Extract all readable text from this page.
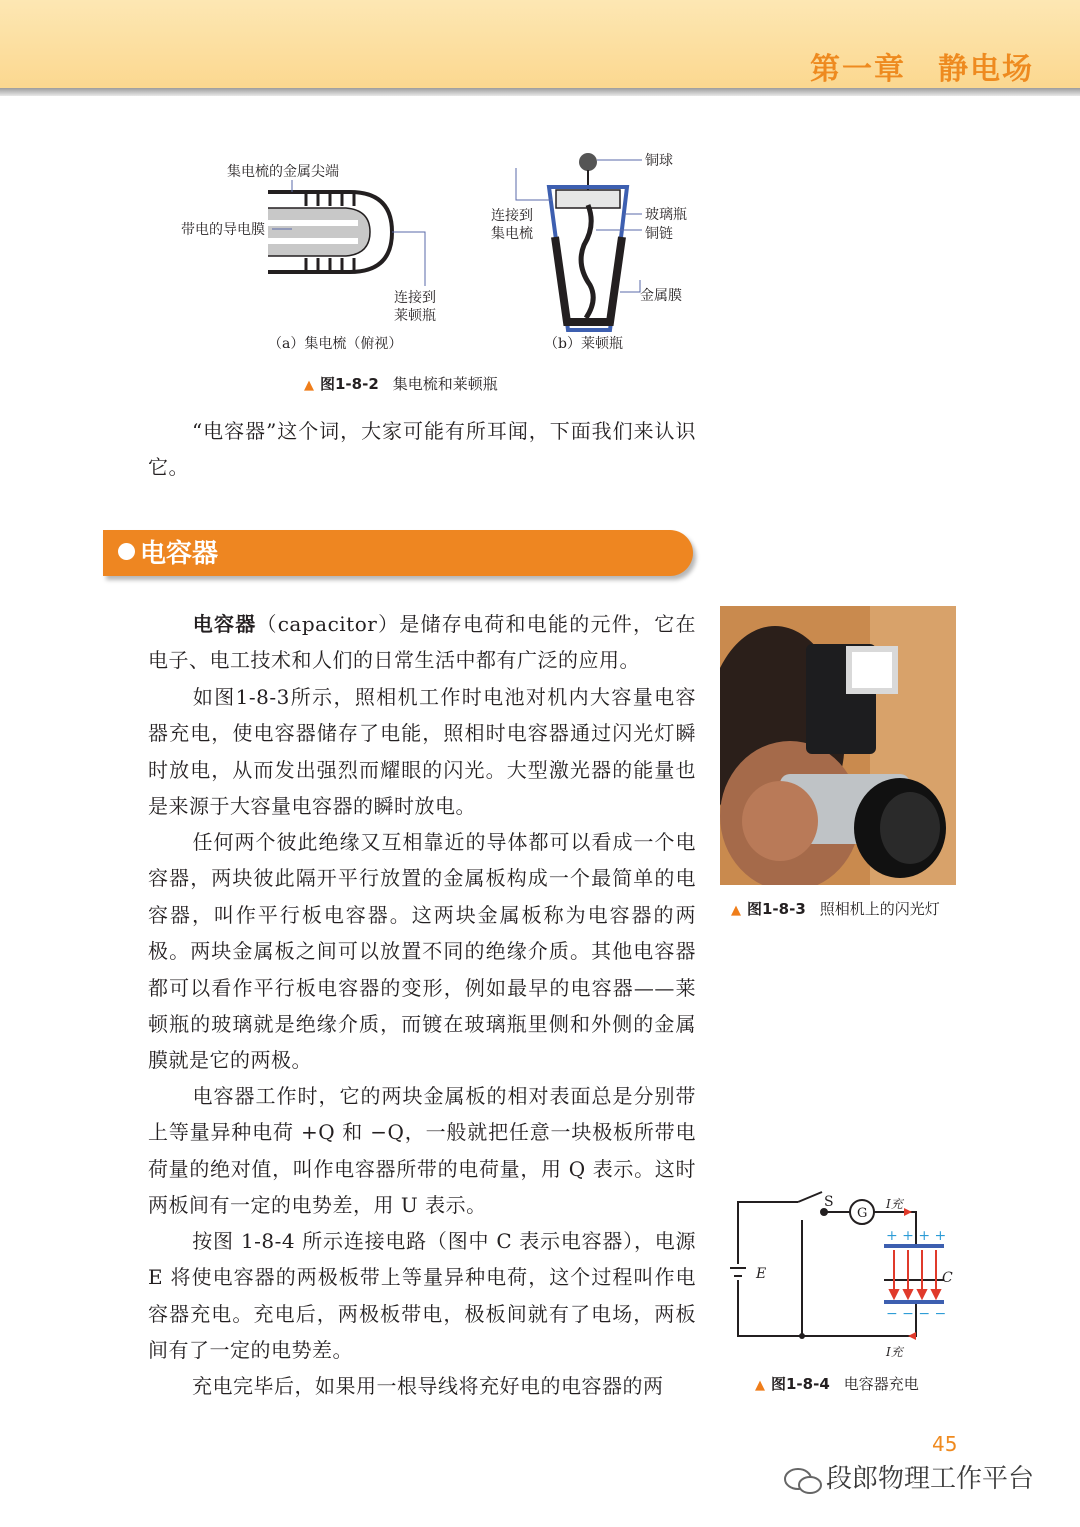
第一章　静电场
集电梳的金属尖端
带电的导电膜
连接到
莱顿瓶
（a）集电梳（俯视）
铜球
连接到
集电梳
玻璃瓶
铜链
金属膜
（b）莱顿瓶
▲ 图1-8-2 集电梳和莱顿瓶
“电容器”这个词，大家可能有所耳闻，下面我们来认识它。
电容器
电容器（capacitor）是储存电荷和电能的元件，它在电子、电工技术和人们的日常生活中都有广泛的应用。
如图1-8-3所示，照相机工作时电池对机内大容量电容器充电，使电容器储存了电能，照相时电容器通过闪光灯瞬时放电，从而发出强烈而耀眼的闪光。大型激光器的能量也是来源于大容量电容器的瞬时放电。
任何两个彼此绝缘又互相靠近的导体都可以看成一个电容器，两块彼此隔开平行放置的金属板构成一个最简单的电容器，叫作平行板电容器。这两块金属板称为电容器的两极。两块金属板之间可以放置不同的绝缘介质。其他电容器都可以看作平行板电容器的变形，例如最早的电容器——莱顿瓶的玻璃就是绝缘介质，而镀在玻璃瓶里侧和外侧的金属膜就是它的两极。
电容器工作时，它的两块金属板的相对表面总是分别带上等量异种电荷 +Q 和 −Q，一般就把任意一块极板所带电荷量的绝对值，叫作电容器所带的电荷量，用 Q 表示。这时两板间有一定的电势差，用 U 表示。
按图 1-8-4 所示连接电路（图中 C 表示电容器），电源 E 将使电容器的两极板带上等量异种电荷，这个过程叫作电容器充电。充电后，两极板带电，极板间就有了电场，两板间有了一定的电势差。
充电完毕后，如果用一根导线将充好电的电容器的两
▲ 图1-8-3 照相机上的闪光灯
S
G
I充
I充
E	C
+ + + +
− − − −
▲ 图1-8-4 电容器充电
45
段郎物理工作平台
